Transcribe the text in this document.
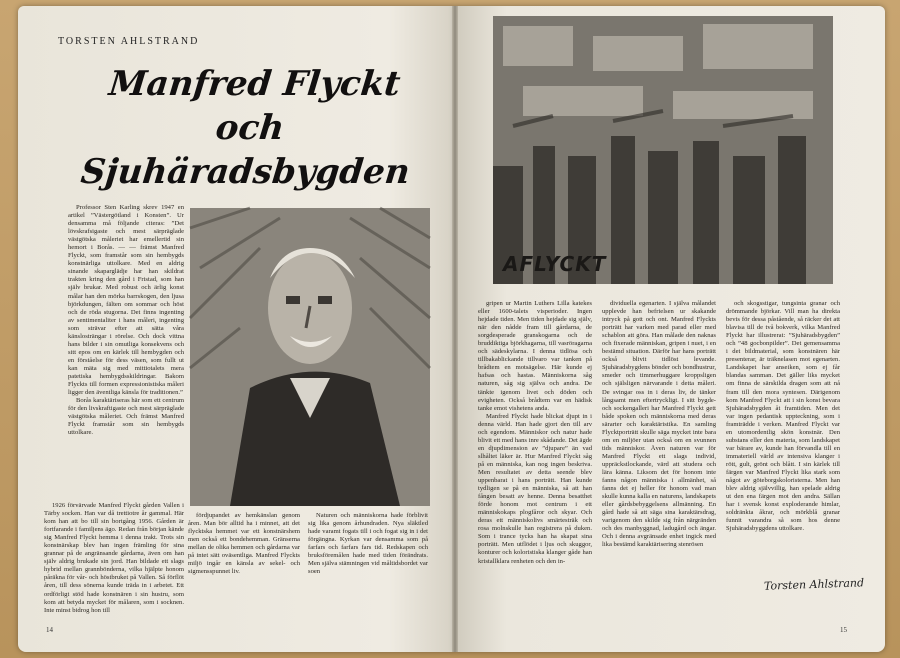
TORSTEN AHLSTRAND
Manfred Flyckt
och Sjuhäradsbygden

Professor Sten Karling skrev 1947 en artikel ”Västergötland i Konsten”. Ur densamma må följande citeras: ”Det lövskrafsigaste och mest särpräglade västgötska måleriet har emellertid sin hemort i Borås. — — främst Manfred Flyckt, som framstår som sin hembygds konstnärliga uttolkare. Med en aldrig sinande skaparglädje har han skildrat trakten kring den gård i Fristad, som han själv brukar. Med robust och ärlig konst målar han den mörka barrskogen, den ljusa björkdungen, fälten om sommar och höst och de röda stugorna. Det finns ingenting av sentimentaliter i hans måleri, ingenting som strävar efter att sätta våra känslosträngar i rörelse. Och dock vittna hans bilder i sin omutliga konsekvens och sitt epos om en kärlek till hembygden och en förståelse för dess väsen, som fullt ut kan mäta sig med mittiotalets mera patetiska hembygdsskildringar. Bakom Flyckts till formen expressionistiska måleri ligger den äventliga känsla för traditionen.”

Borås karaktäriseras här som ett centrum för den livskraftigaste och mest särpräglade västgötska måleriet. Och främst Manfred Flyckt framstår som sin hembygds uttolkare.

1926 förvärvade Manfred Flyckt gården Vallen i Tärby socken. Han var då trettiotre år gammal. Här kom han att bo till sin bortgång 1956. Gården är fortfarande i familjens ägo. Redan från början kände sig Manfred Flyckt hemma i denna trakt. Trots sin konstnärskap blev han ingen främling för sina grannar på de angränsande gårdarna, även om han själv aldrig brukade sin jord. Han bildade ett slags hybrid mellan grannbönderna, vilka hjälpte honom påräkna för vår- och höstbruket på Vallen. Så förflöt åren, till dess sönerna kunde träda in i arbetet. Ett ordförligt stöd hade konstnären i sin hustru, som kom att betyda mycket för målaren, som i socknen. Inte minst bidrog hon till

fördjupandet av hemkänslan genom åren. Man bör alltid ha i minnet, att det flycktska hemmet var ett konstnärshem men också ett bondehemman. Gränserna mellan de olika hemmen och gårdarna var på intet sätt oväsentliga. Manfred Flyckts miljö ingår en känsla av sekel- och sigmensspunnet liv.

Naturen och människorna hade förblivit sig lika genom århundraden. Nya släktled hade varamt fogats till i och fogat sig in i det förgängna. Kyrkan var densamma som på farfars och farfars fars tid. Redskapen och bruksföremålen hade med tiden förändrats. Men själva stämningen vid måltidsbordet var soen

14
AFLYCKT

gripen ur Martin Luthers Lilla katekes eller 1600-talets visperioder. Ingen hejdade tiden. Men tiden hejdade sig själv, när den nådde fram till gårdarna, de sorgdesperade granskogarna och de bruddiktiga björkhagarna, till vasröragarna och sädeskylarna. I denna tidlösa och tillbakablickande tillvaro var tanken på brådtem en motsägelse. Här kunde ej hafsas och hastas. Människorna såg naturen, såg sig själva och andra. De tänkte igenom livet och döden och evigheten. Också brådtem var en hädisk tanke emot vishetens anda.

Manfred Flyckt hade blickat djupt in i denna värld. Han hade gjort den till arv och egendom. Människor och natur hade blivit ett med hans inre skådande. Det ägde en djupdimension av ”djupare” än vad slhåltet läker är. Hur Manfred Flyckt såg på en människa, kan nog ingen beskriva. Men resultatet av detta seende blev uppenbarat i hans porträtt. Han kunde tydligen se på en människa, så att han fången besatt av henne. Denna besatthet förde honom mot centrum i ett människokaps plogfåror och skyar. Och deras ett människolivs smärtesträk och rosa molnskulle han registrera på duken. Som i trance tycks han ha skapat sina porträtt. Men utflödet i ljus och skuggor, konturer och koloristiska klanger gåde han kristallklara renheten och den in-

dividuella egenarten. I själva målandet upplevde han befrielsen ur skakande intryck på gott och ont. Manfred Flyckts porträtt har varken med parad eller med schablon att göra. Han målade den naknas och fixerade människan, gripen i nuet, i en bestämd situation. Därför har hans porträtt också blivit tidlöst levande. Sjuhäradsbygdens bönder och bondhustrur, smeder och timmerhuggare kroppsligen och själsligen närvarande i detta måleri. De svingar oss in i deras liv, de tänker långsamt men eftertryckligt. I sitt bygde- och sockengalleri har Manfred Flyckt gett både spoken och människorna med deras särarter och karaktäristika. En samling Flycktporträtt skulle säga mycket inte bara om en miljöer utan också om en svunnen tids människor. Även naturen var för Manfred Flyckt ett slags individ, uppräckstlockande, värd att studera och lära känna. Liksom det för honom inte fanns någon människa i allmänhet, så fanns det ej heller för honom vad man skulle kunna kalla en naturens, landskapets eller gårdsbebyggelsens allmänning. En gård hade så att säga sina karaktärsdrag, varigenom den skilde sig från närgränden och des manbyggnad, ladugård och ängar. Och i denna avgränsade enhet ingick med lika bestämd karaktärisering stenrösen

och skogsstigar, tungsinta granar och drömmande björkar. Vill man ha direkta bevis för dessa påstående, så räcker det att blavisa till de två bokverk, vilka Manfred Flyckt har illustrerat: ”Sjuhäradsbygden” och ”48 gocbonpilder”. Det gemensamma i det bildmaterial, som konstnären här presenterar, är träknelasen mot egenarten. Landskapet har anseiken, som ej får blandas samman. Det gäller liks mycket om finna de särskilda dragen som att nå fram till den mora syntesen. Därigenom kom Manfred Flyckt att i sin konst bevara Sjuhäradsbygden åt framtiden. Men det var ingen pedantisk uppteckning, som i framträdde i verken. Manfred Flyckt var en utomordentlig skön konstnär. Den substans eller den materia, som landskapet var bärare av, kunde han förvandla till en immateriell värld av intensiva klanger i rött, gult, grönt och blått. I sin kärlek till färgen var Manfred Flyckt lika stark som något av göteborgskoloristerna. Men han blev aldrig självvillig, han spelade aldrig ut den ena färgen mot den andra. Sällan har i svensk konst exploderande himlar, soldränkta åkrar, och mörkblå granar funnit varandra så som hos denne Sjuhäradsbyggdens uttolkare.

Torsten Ahlstrand
15
